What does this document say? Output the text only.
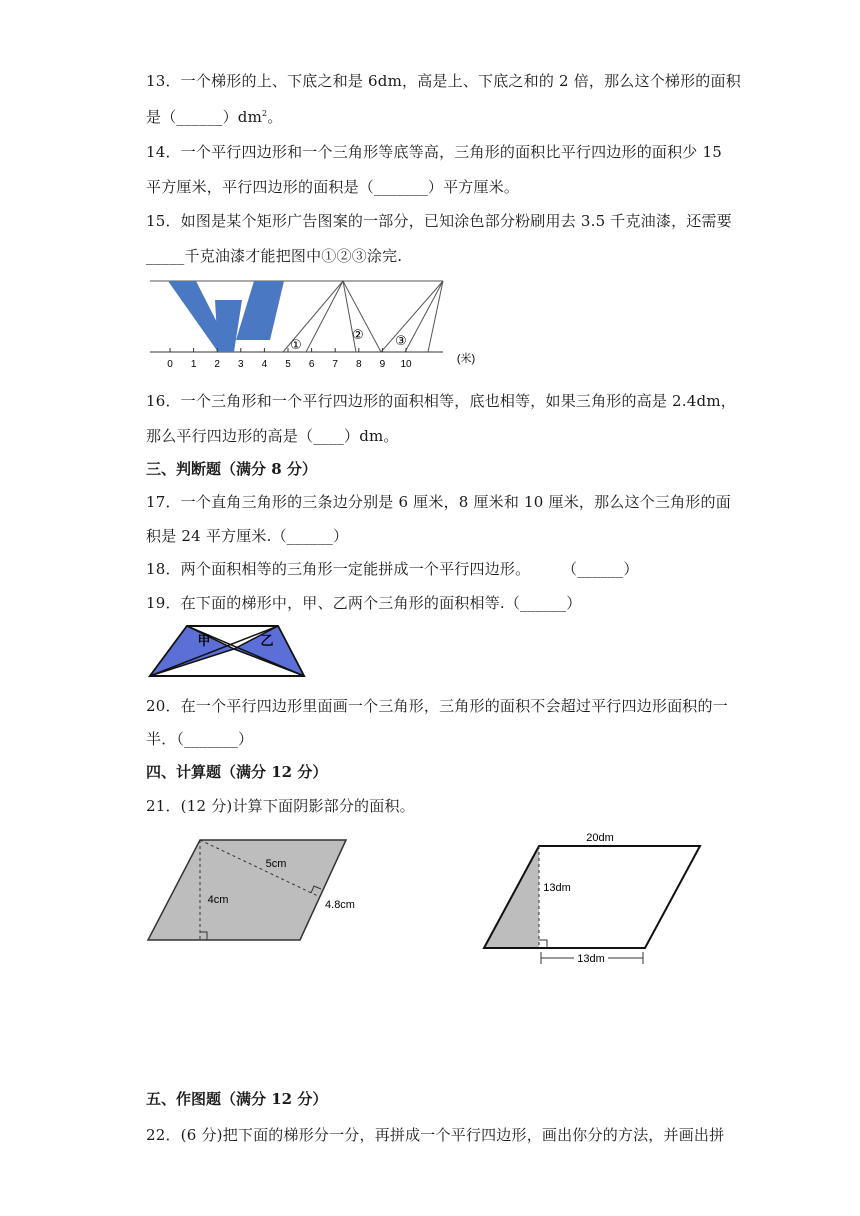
13．一个梯形的上、下底之和是 6dm，高是上、下底之和的 2 倍，那么这个梯形的面积
是$(\_\_\_\_\_\_)dm^2$。
14．一个平行四边形和一个三角形等底等高，三角形的面积比平行四边形的面积少 15
平方厘米，平行四边形的面积是（_______）平方厘米。
15．如图是某个矩形广告图案的一部分，已知涂色部分粉刷用去 3.5 千克油漆，还需要
_____千克油漆才能把图中①②③涂完.
①
② ③
0 1 2 3 4 5 6 7 8 9 10	(米)
16．一个三角形和一个平行四边形的面积相等，底也相等，如果三角形的高是 2.4dm，
那么平行四边形的高是（____）dm。
三、判断题（满分 8 分）
17．一个直角三角形的三条边分别是 6 厘米，8 厘米和 10 厘米，那么这个三角形的面
积是 24 平方厘米.（______）
18．两个面积相等的三角形一定能拼成一个平行四边形。 （______）
19．在下面的梯形中，甲、乙两个三角形的面积相等.（______）
甲	乙
20．在一个平行四边形里面画一个三角形，三角形的面积不会超过平行四边形面积的一
半．（_______）
四、计算题（满分 12 分）
21．(12 分)计算下面阴影部分的面积。
5cm
4cm	4.8cm
20dm
13dm
13dm
五、作图题（满分 12 分）
22．(6 分)把下面的梯形分一分，再拼成一个平行四边形，画出你分的方法，并画出拼
